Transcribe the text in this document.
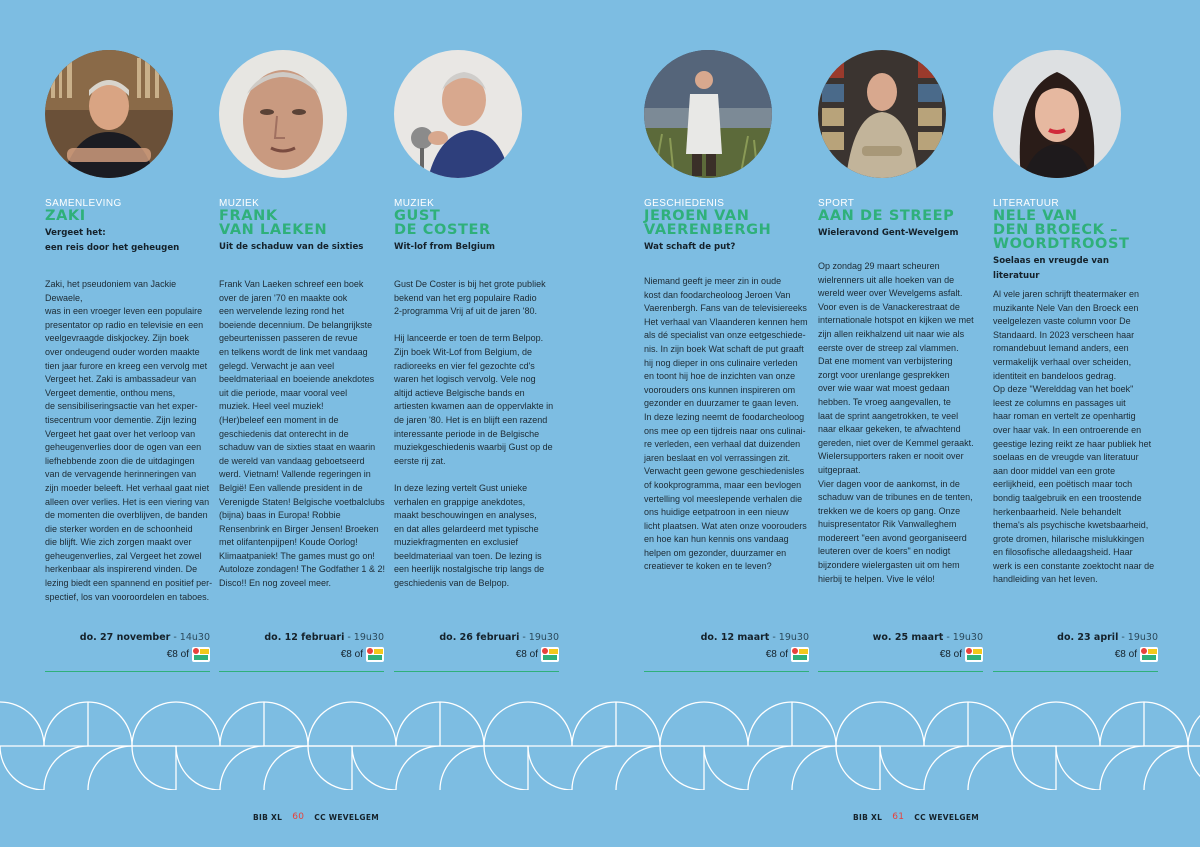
SAMENLEVING
ZAKI
Vergeet het:
een reis door het geheugen

Zaki, het pseudoniem van Jackie Dewaele,
was in een vroeger leven een populaire
presentator op radio en televisie en een
veelgevraagde diskjockey. Zijn boek
over ondeugend ouder worden maakte
tien jaar furore en kreeg een vervolg met
Vergeet het. Zaki is ambassadeur van
Vergeet dementie, onthou mens,
de sensibiliseringsactie van het exper-
tisecentrum voor dementie. Zijn lezing
Vergeet het gaat over het verloop van
geheugenverlies door de ogen van een
liefhebbende zoon die de uitdagingen
van de vervagende herinneringen van
zijn moeder beleeft. Het verhaal gaat niet
alleen over verlies. Het is een viering van
de momenten die overblijven, de banden
die sterker worden en de schoonheid
die blijft. Wie zich zorgen maakt over
geheugenverlies, zal Vergeet het zowel
herkenbaar als inspirerend vinden. De
lezing biedt een spannend en positief per-
spectief, los van vooroordelen en taboes.

do. 27 november - 14u30
€8 of
MUZIEK
FRANK
VAN LAEKEN
Uit de schaduw van de sixties

Frank Van Laeken schreef een boek
over de jaren '70 en maakte ook
een wervelende lezing rond het
boeiende decennium. De belangrijkste
gebeurtenissen passeren de revue
en telkens wordt de link met vandaag
gelegd. Verwacht je aan veel
beeldmateriaal en boeiende anekdotes
uit die periode, maar vooral veel
muziek. Heel veel muziek!
(Her)beleef een moment in de
geschiedenis dat onterecht in de
schaduw van de sixties staat en waarin
de wereld van vandaag geboetseerd
werd. Vietnam! Vallende regeringen in
België! Een vallende president in de
Verenigde Staten! Belgische voetbalclubs
(bijna) baas in Europa! Robbie
Rensenbrink en Birger Jensen! Broeken
met olifantenpijpen! Koude Oorlog!
Klimaatpaniek! The games must go on!
Autoloze zondagen! The Godfather 1 & 2!
Disco!! En nog zoveel meer.

do. 12 februari - 19u30
€8 of
MUZIEK
GUST
DE COSTER
Wit-lof from Belgium

Gust De Coster is bij het grote publiek
bekend van het erg populaire Radio
2-programma Vrij af uit de jaren '80.

Hij lanceerde er toen de term Belpop.
Zijn boek Wit-Lof from Belgium, de
radioreeks en vier fel gezochte cd's
waren het logisch vervolg. Vele nog
altijd actieve Belgische bands en
artiesten kwamen aan de oppervlakte in
de jaren '80. Het is en blijft een razend
interessante periode in de Belgische
muziekgeschiedenis waarbij Gust op de
eerste rij zat.

In deze lezing vertelt Gust unieke
verhalen en grappige anekdotes,
maakt beschouwingen en analyses,
en dat alles gelardeerd met typische
muziekfragmenten en exclusief
beeldmateriaal van toen. De lezing is
een heerlijk nostalgische trip langs de
geschiedenis van de Belpop.

do. 26 februari - 19u30
€8 of
GESCHIEDENIS
JEROEN VAN
VAERENBERGH
Wat schaft de put?

Niemand geeft je meer zin in oude
kost dan foodarcheoloog Jeroen Van
Vaerenbergh. Fans van de televisiereeks
Het verhaal van Vlaanderen kennen hem
als dé specialist van onze eetgeschiede-
nis. In zijn boek Wat schaft de put graaft
hij nog dieper in ons culinaire verleden
en toont hij hoe de inzichten van onze
voorouders ons kunnen inspireren om
gezonder en duurzamer te gaan leven.
In deze lezing neemt de foodarcheoloog
ons mee op een tijdreis naar ons culinai-
re verleden, een verhaal dat duizenden
jaren beslaat en vol verrassingen zit.
Verwacht geen gewone geschiedenisles
of kookprogramma, maar een bevlogen
vertelling vol meeslepende verhalen die
ons huidige eetpatroon in een nieuw
licht plaatsen. Wat aten onze voorouders
en hoe kan hun kennis ons vandaag
helpen om gezonder, duurzamer en
creatiever te koken en te leven?

do. 12 maart - 19u30
€8 of
SPORT
AAN DE STREEP
Wieleravond Gent-Wevelgem

Op zondag 29 maart scheuren
wielrenners uit alle hoeken van de
wereld weer over Wevelgems asfalt.
Voor even is de Vanackerestraat de
internationale hotspot en kijken we met
zijn allen reikhalzend uit naar wie als
eerste over de streep zal vlammen.
Dat ene moment van verbijstering
zorgt voor urenlange gesprekken
over wie waar wat moest gedaan
hebben. Te vroeg aangevallen, te
laat de sprint aangetrokken, te veel
naar elkaar gekeken, te afwachtend
gereden, niet over de Kemmel geraakt.
Wielersupporters raken er nooit over
uitgepraat.
Vier dagen voor de aankomst, in de
schaduw van de tribunes en de tenten,
trekken we de koers op gang. Onze
huispresentator Rik Vanwalleghem
modereert "een avond georganiseerd
leuteren over de koers" en nodigt
bijzondere wielergasten uit om hem
hierbij te helpen. Vive le vélo!

wo. 25 maart - 19u30
€8 of
LITERATUUR
NELE VAN
DEN BROECK –
WOORDTROOST
Soelaas en vreugde van literatuur

Al vele jaren schrijft theatermaker en
muzikante Nele Van den Broeck een
veelgelezen vaste column voor De
Standaard. In 2023 verscheen haar
romandebuut Iemand anders, een
vermakelijk verhaal over scheiden,
identiteit en bandeloos gedrag.
Op deze "Werelddag van het boek"
leest ze columns en passages uit
haar roman en vertelt ze openhartig
over haar vak. In een ontroerende en
geestige lezing reikt ze haar publiek het
soelaas en de vreugde van literatuur
aan door middel van een grote
eerlijkheid, een poëtisch maar toch
bondig taalgebruik en een troostende
herkenbaarheid. Nele behandelt
thema's als psychische kwetsbaarheid,
grote dromen, hilarische mislukkingen
en filosofische alledaagsheid. Haar
werk is een constante zoektocht naar de
handleiding van het leven.

do. 23 april - 19u30
€8 of
BIB XL 60 CC WEVELGEM	BIB XL 61 CC WEVELGEM
